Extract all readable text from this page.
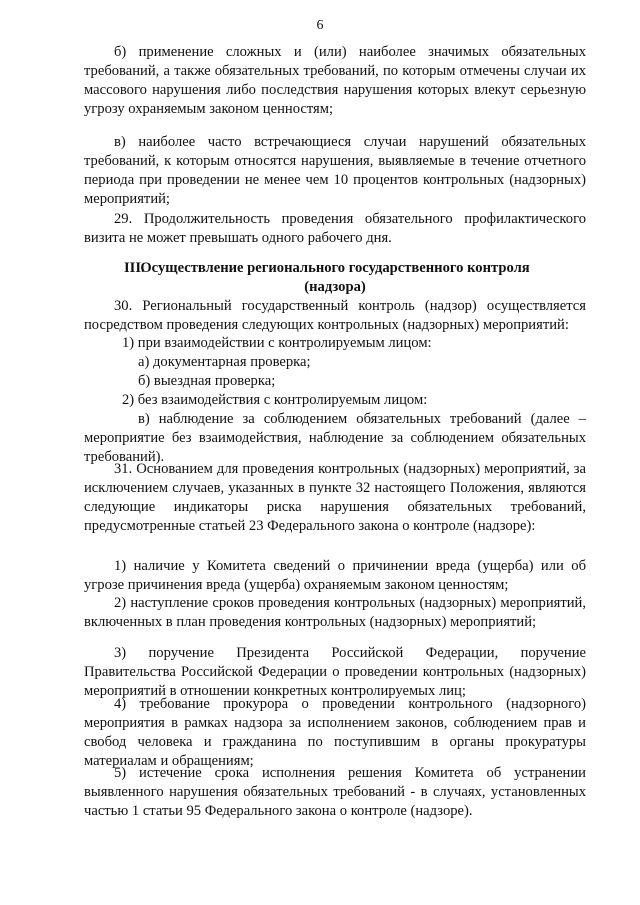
6

б) применение сложных и (или) наиболее значимых обязательных требований, а также обязательных требований, по которым отмечены случаи их массового нарушения либо последствия нарушения которых влекут серьезную угрозу охраняемым законом ценностям;

в) наиболее часто встречающиеся случаи нарушений обязательных требований, к которым относятся нарушения, выявляемые в течение отчетного периода при проведении не менее чем 10 процентов контрольных (надзорных) мероприятий;

29. Продолжительность проведения обязательного профилактического визита не может превышать одного рабочего дня.

III.
Осуществление регионального государственного контроля
(надзора)

30. Региональный государственный контроль (надзор) осуществляется посредством проведения следующих контрольных (надзорных) мероприятий:

1) при взаимодействии с контролируемым лицом:
а) документарная проверка;
б) выездная проверка;
2) без взаимодействия с контролируемым лицом:

в) наблюдение за соблюдением обязательных требований (далее – мероприятие без взаимодействия, наблюдение за соблюдением обязательных требований).

31. Основанием для проведения контрольных (надзорных) мероприятий, за исключением случаев, указанных в пункте 32 настоящего Положения, являются следующие индикаторы риска нарушения обязательных требований, предусмотренные статьей 23 Федерального закона о контроле (надзоре):

1) наличие у Комитета сведений о причинении вреда (ущерба) или об угрозе причинения вреда (ущерба) охраняемым законом ценностям;

2) наступление сроков проведения контрольных (надзорных) мероприятий, включенных в план проведения контрольных (надзорных) мероприятий;

3) поручение Президента Российской Федерации, поручение Правительства Российской Федерации о проведении контрольных (надзорных) мероприятий в отношении конкретных контролируемых лиц;

4) требование прокурора о проведении контрольного (надзорного) мероприятия в рамках надзора за исполнением законов, соблюдением прав и свобод человека и гражданина по поступившим в органы прокуратуры материалам и обращениям;

5) истечение срока исполнения решения Комитета об устранении выявленного нарушения обязательных требований - в случаях, установленных частью 1 статьи 95 Федерального закона о контроле (надзоре).
